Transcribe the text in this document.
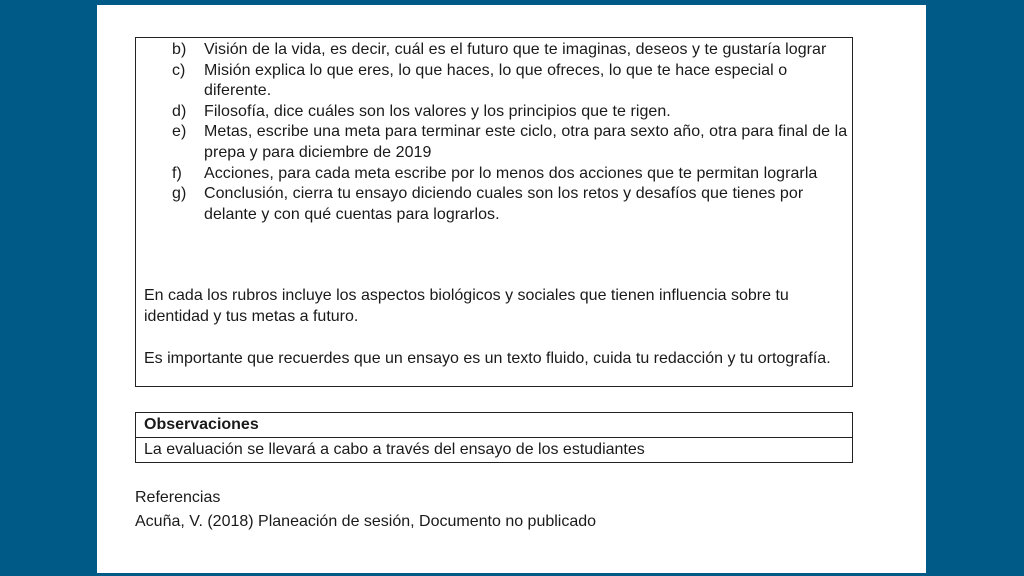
b) Visión de la vida, es decir, cuál es el futuro que te imaginas, deseos y te gustaría lograr
c) Misión explica lo que eres, lo que haces, lo que ofreces, lo que te hace especial o diferente.
d) Filosofía, dice cuáles son los valores y los principios que te rigen.
e) Metas, escribe una meta para terminar este ciclo, otra para sexto año, otra para final de la prepa y para diciembre de 2019
f) Acciones, para cada meta escribe por lo menos dos acciones que te permitan lograrla
g) Conclusión, cierra tu ensayo diciendo cuales son los retos y desafíos que tienes por delante y con qué cuentas para lograrlos.

En cada los rubros incluye los aspectos biológicos y sociales que tienen influencia sobre tu identidad y tus metas a futuro.

Es importante que recuerdes que un ensayo es un texto fluido, cuida tu redacción y tu ortografía.

Observaciones
La evaluación se llevará a cabo a través del ensayo de los estudiantes
Referencias
Acuña, V. (2018) Planeación de sesión, Documento no publicado
